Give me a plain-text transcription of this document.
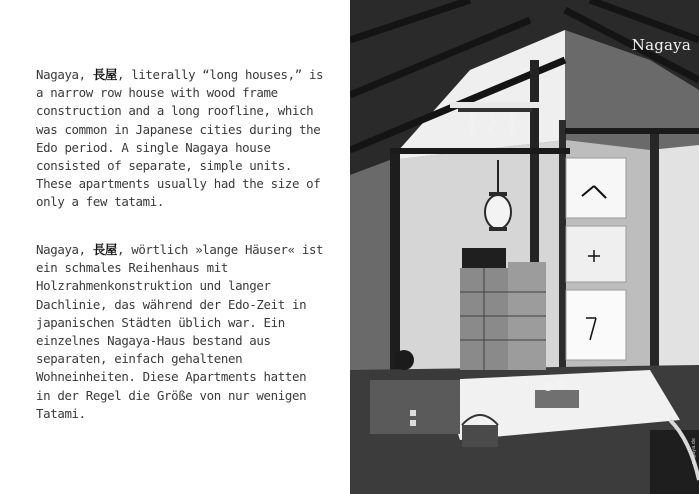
Nagaya, 長屋, literally “long houses,” is a narrow row house with wood frame construction and a long roofline, which was common in Japanese cities during the Edo period. A single Nagaya house consisted of separate, simple units. These apartments usually had the size of only a few tatami.
Nagaya, 長屋, wörtlich »lange Häuser« ist ein schmales Reihenhaus mit Holzrahmenkonstruktion und langer Dachlinie, das während der Edo-Zeit in japanischen Städten üblich war. Ein einzelnes Nagaya-Haus bestand aus separaten, einfach gehaltenen Wohneinheiten. Diese Apartments hatten in der Regel die Größe von nur wenigen Tatami.
Nagaya
nagaya.de
